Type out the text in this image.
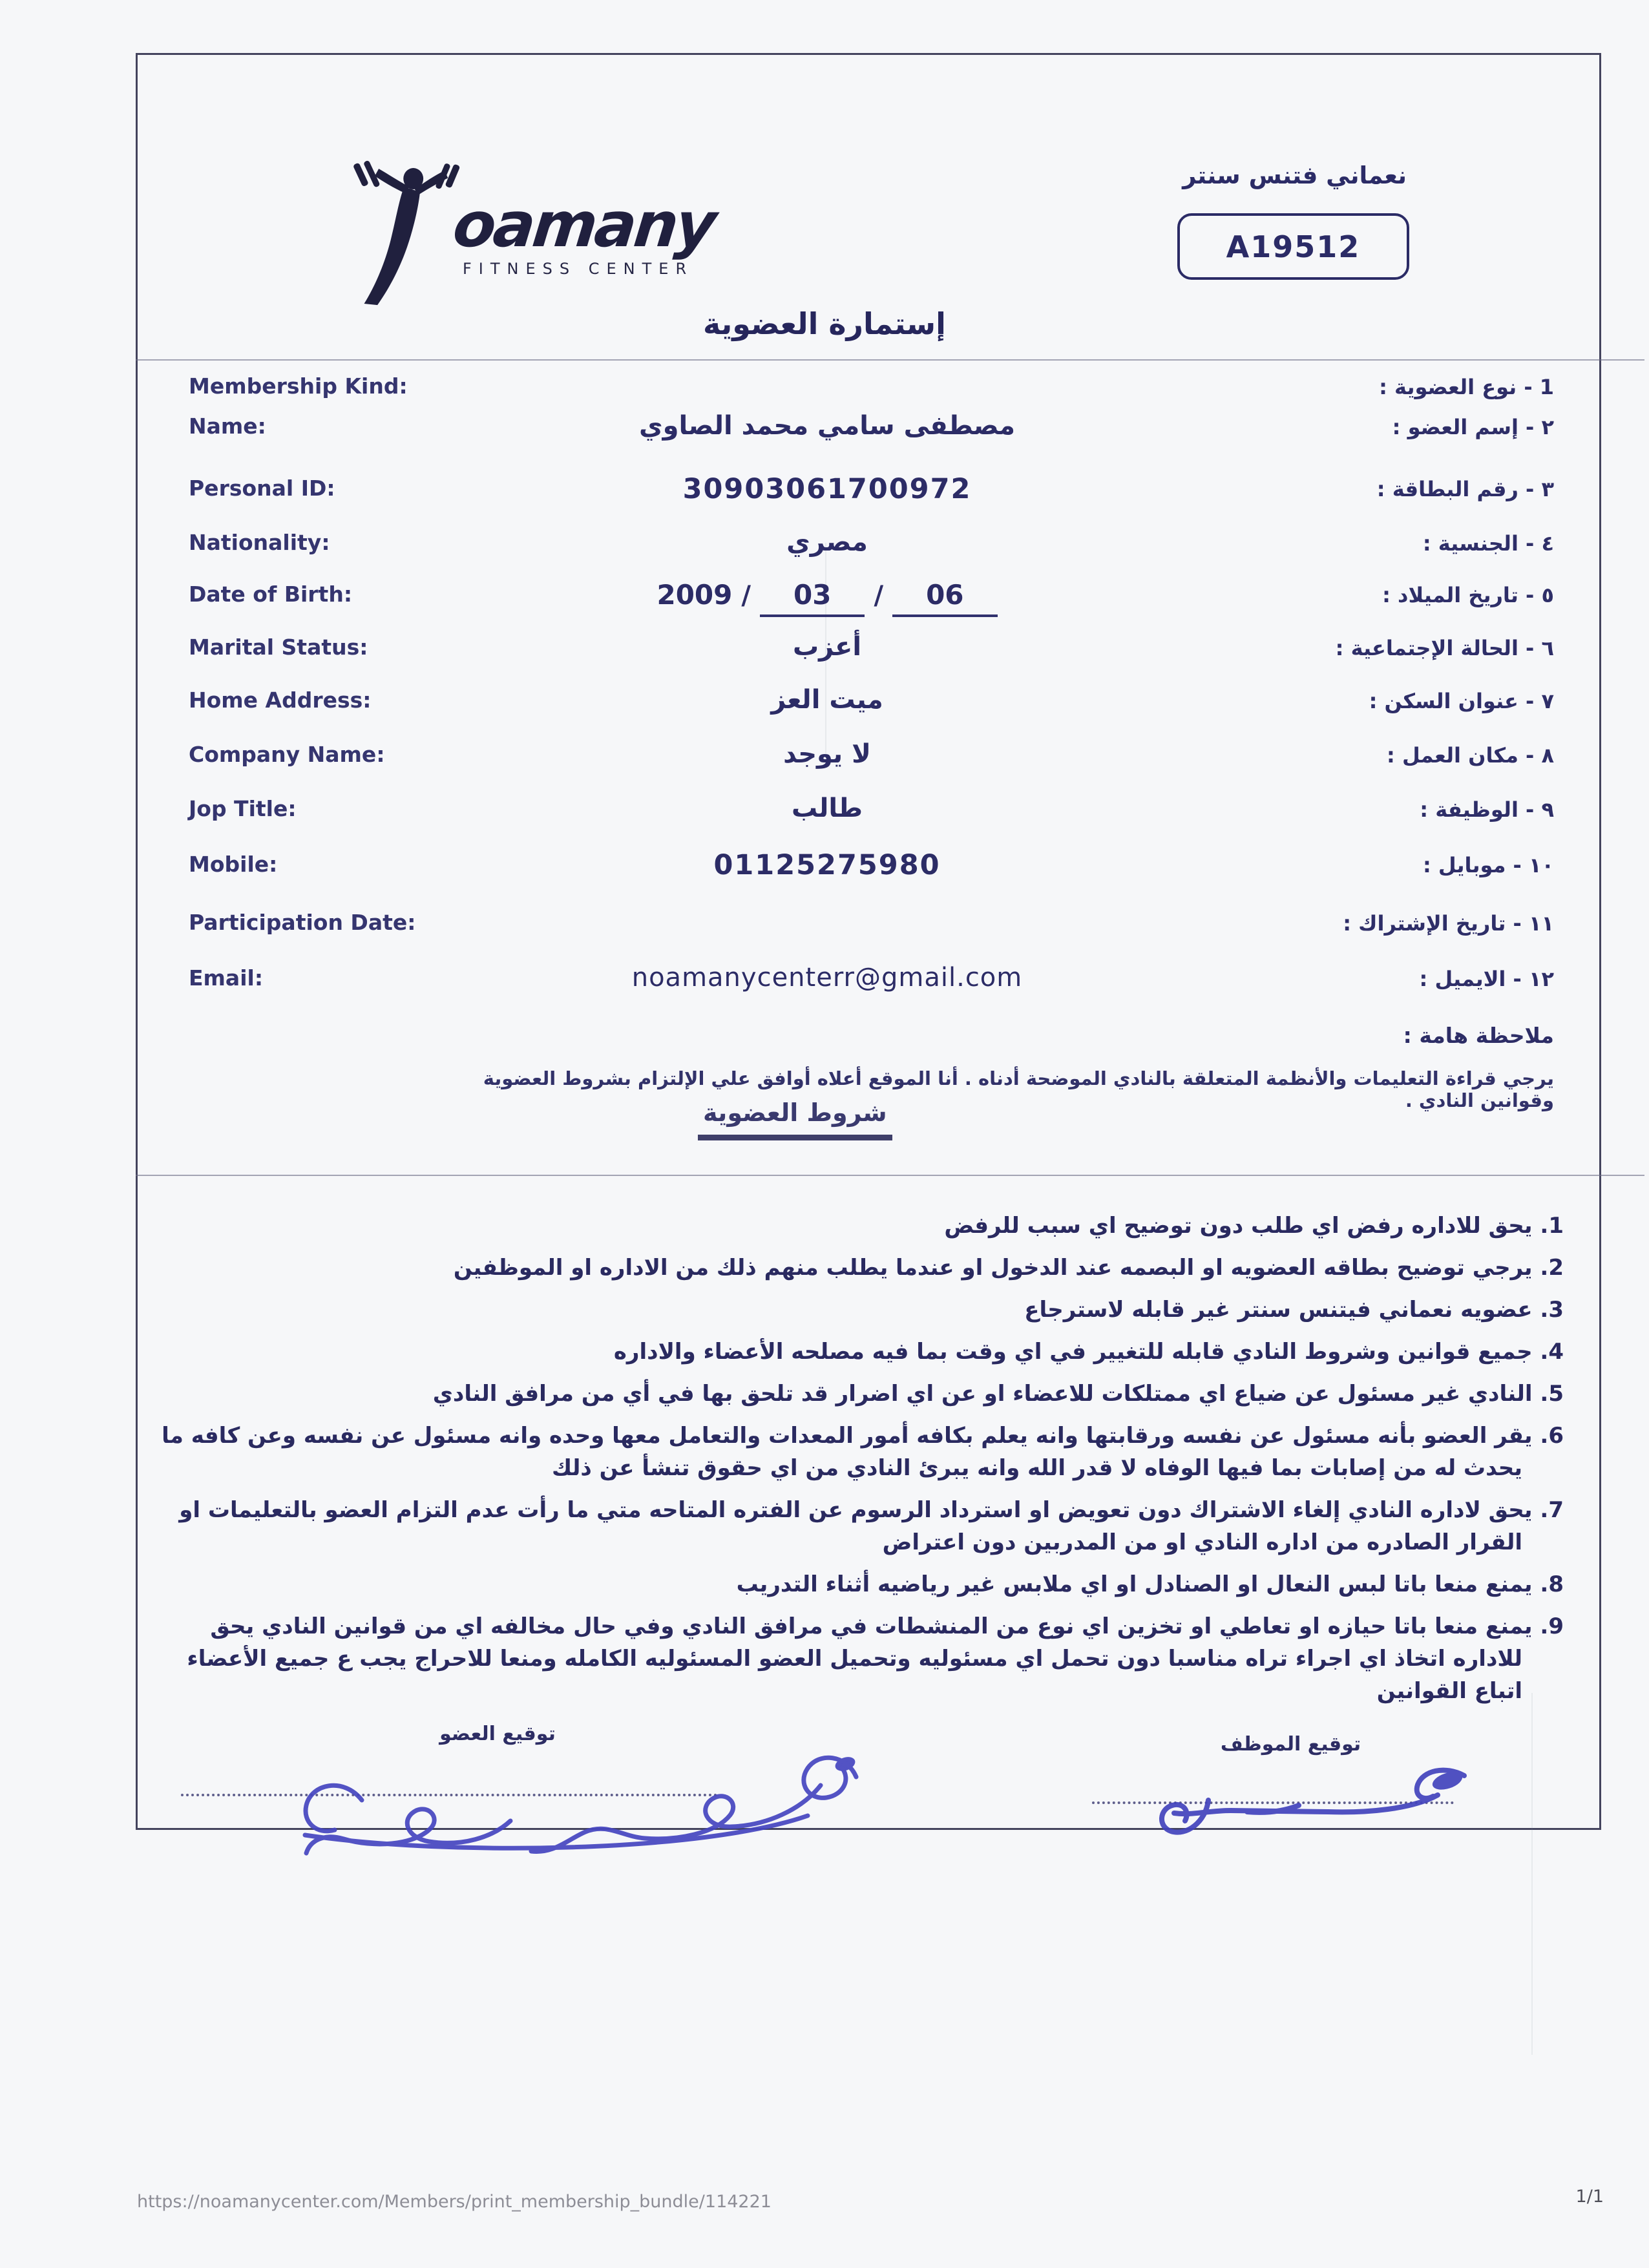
oamany
FITNESS CENTER
نعماني فتنس سنتر
A19512
إستمارة العضوية
Membership Kind:	1 - نوع العضوية :
Name:	مصطفى سامي محمد الصاوي	٢ - إسم العضو :
Personal ID:	30903061700972	٣ - رقم البطاقة :
Nationality:	مصري	٤ - الجنسية :
Date of Birth:	2009 / 03 / 06	٥ - تاريخ الميلاد :
Marital Status:	أعزب	٦ - الحالة الإجتماعية :
Home Address:	ميت العز	٧ - عنوان السكن :
Company Name:	لا يوجد	٨ - مكان العمل :
Jop Title:	طالب	٩ - الوظيفة :
Mobile:	01125275980	١٠ - موبايل :
Participation Date:	١١ - تاريخ الإشتراك :
Email:	noamanycenterr@gmail.com	١٢ - الايميل :
ملاحظة هامة :
يرجي قراءة التعليمات والأنظمة المتعلقة بالنادي الموضحة أدناه . أنا الموقع أعلاه أوافق علي الإلتزام بشروط العضوية وقوانين النادي .
شروط العضوية
1. يحق للاداره رفض اي طلب دون توضيح اي سبب للرفض
2. يرجي توضيح بطاقه العضويه او البصمه عند الدخول او عندما يطلب منهم ذلك من الاداره او الموظفين
3. عضويه نعماني فيتنس سنتر غير قابله لاسترجاع
4. جميع قوانين وشروط النادي قابله للتغيير في اي وقت بما فيه مصلحه الأعضاء والاداره
5. النادي غير مسئول عن ضياع اي ممتلكات للاعضاء او عن اي اضرار قد تلحق بها في أي من مرافق النادي
6. يقر العضو بأنه مسئول عن نفسه ورقابتها وانه يعلم بكافه أمور المعدات والتعامل معها وحده وانه مسئول عن نفسه وعن كافه ما يحدث له من إصابات بما فيها الوفاه لا قدر الله وانه يبرئ النادي من اي حقوق تنشأ عن ذلك
7. يحق لاداره النادي إلغاء الاشتراك دون تعويض او استرداد الرسوم عن الفتره المتاحه متي ما رأت عدم التزام العضو بالتعليمات او القرار الصادره من اداره النادي او من المدربين دون اعتراض
8. يمنع منعا باتا لبس النعال او الصنادل او اي ملابس غير رياضيه أثناء التدريب
9. يمنع منعا باتا حيازه او تعاطي او تخزين اي نوع من المنشطات في مرافق النادي وفي حال مخالفه اي من قوانين النادي يحق للاداره اتخاذ اي اجراء تراه مناسبا دون تحمل اي مسئوليه وتحميل العضو المسئوليه الكامله ومنعا للاحراج يجب ع جميع الأعضاء اتباع القوانين
توقيع العضو	توقيع الموظف
https://noamanycenter.com/Members/print_membership_bundle/114221	1/1
